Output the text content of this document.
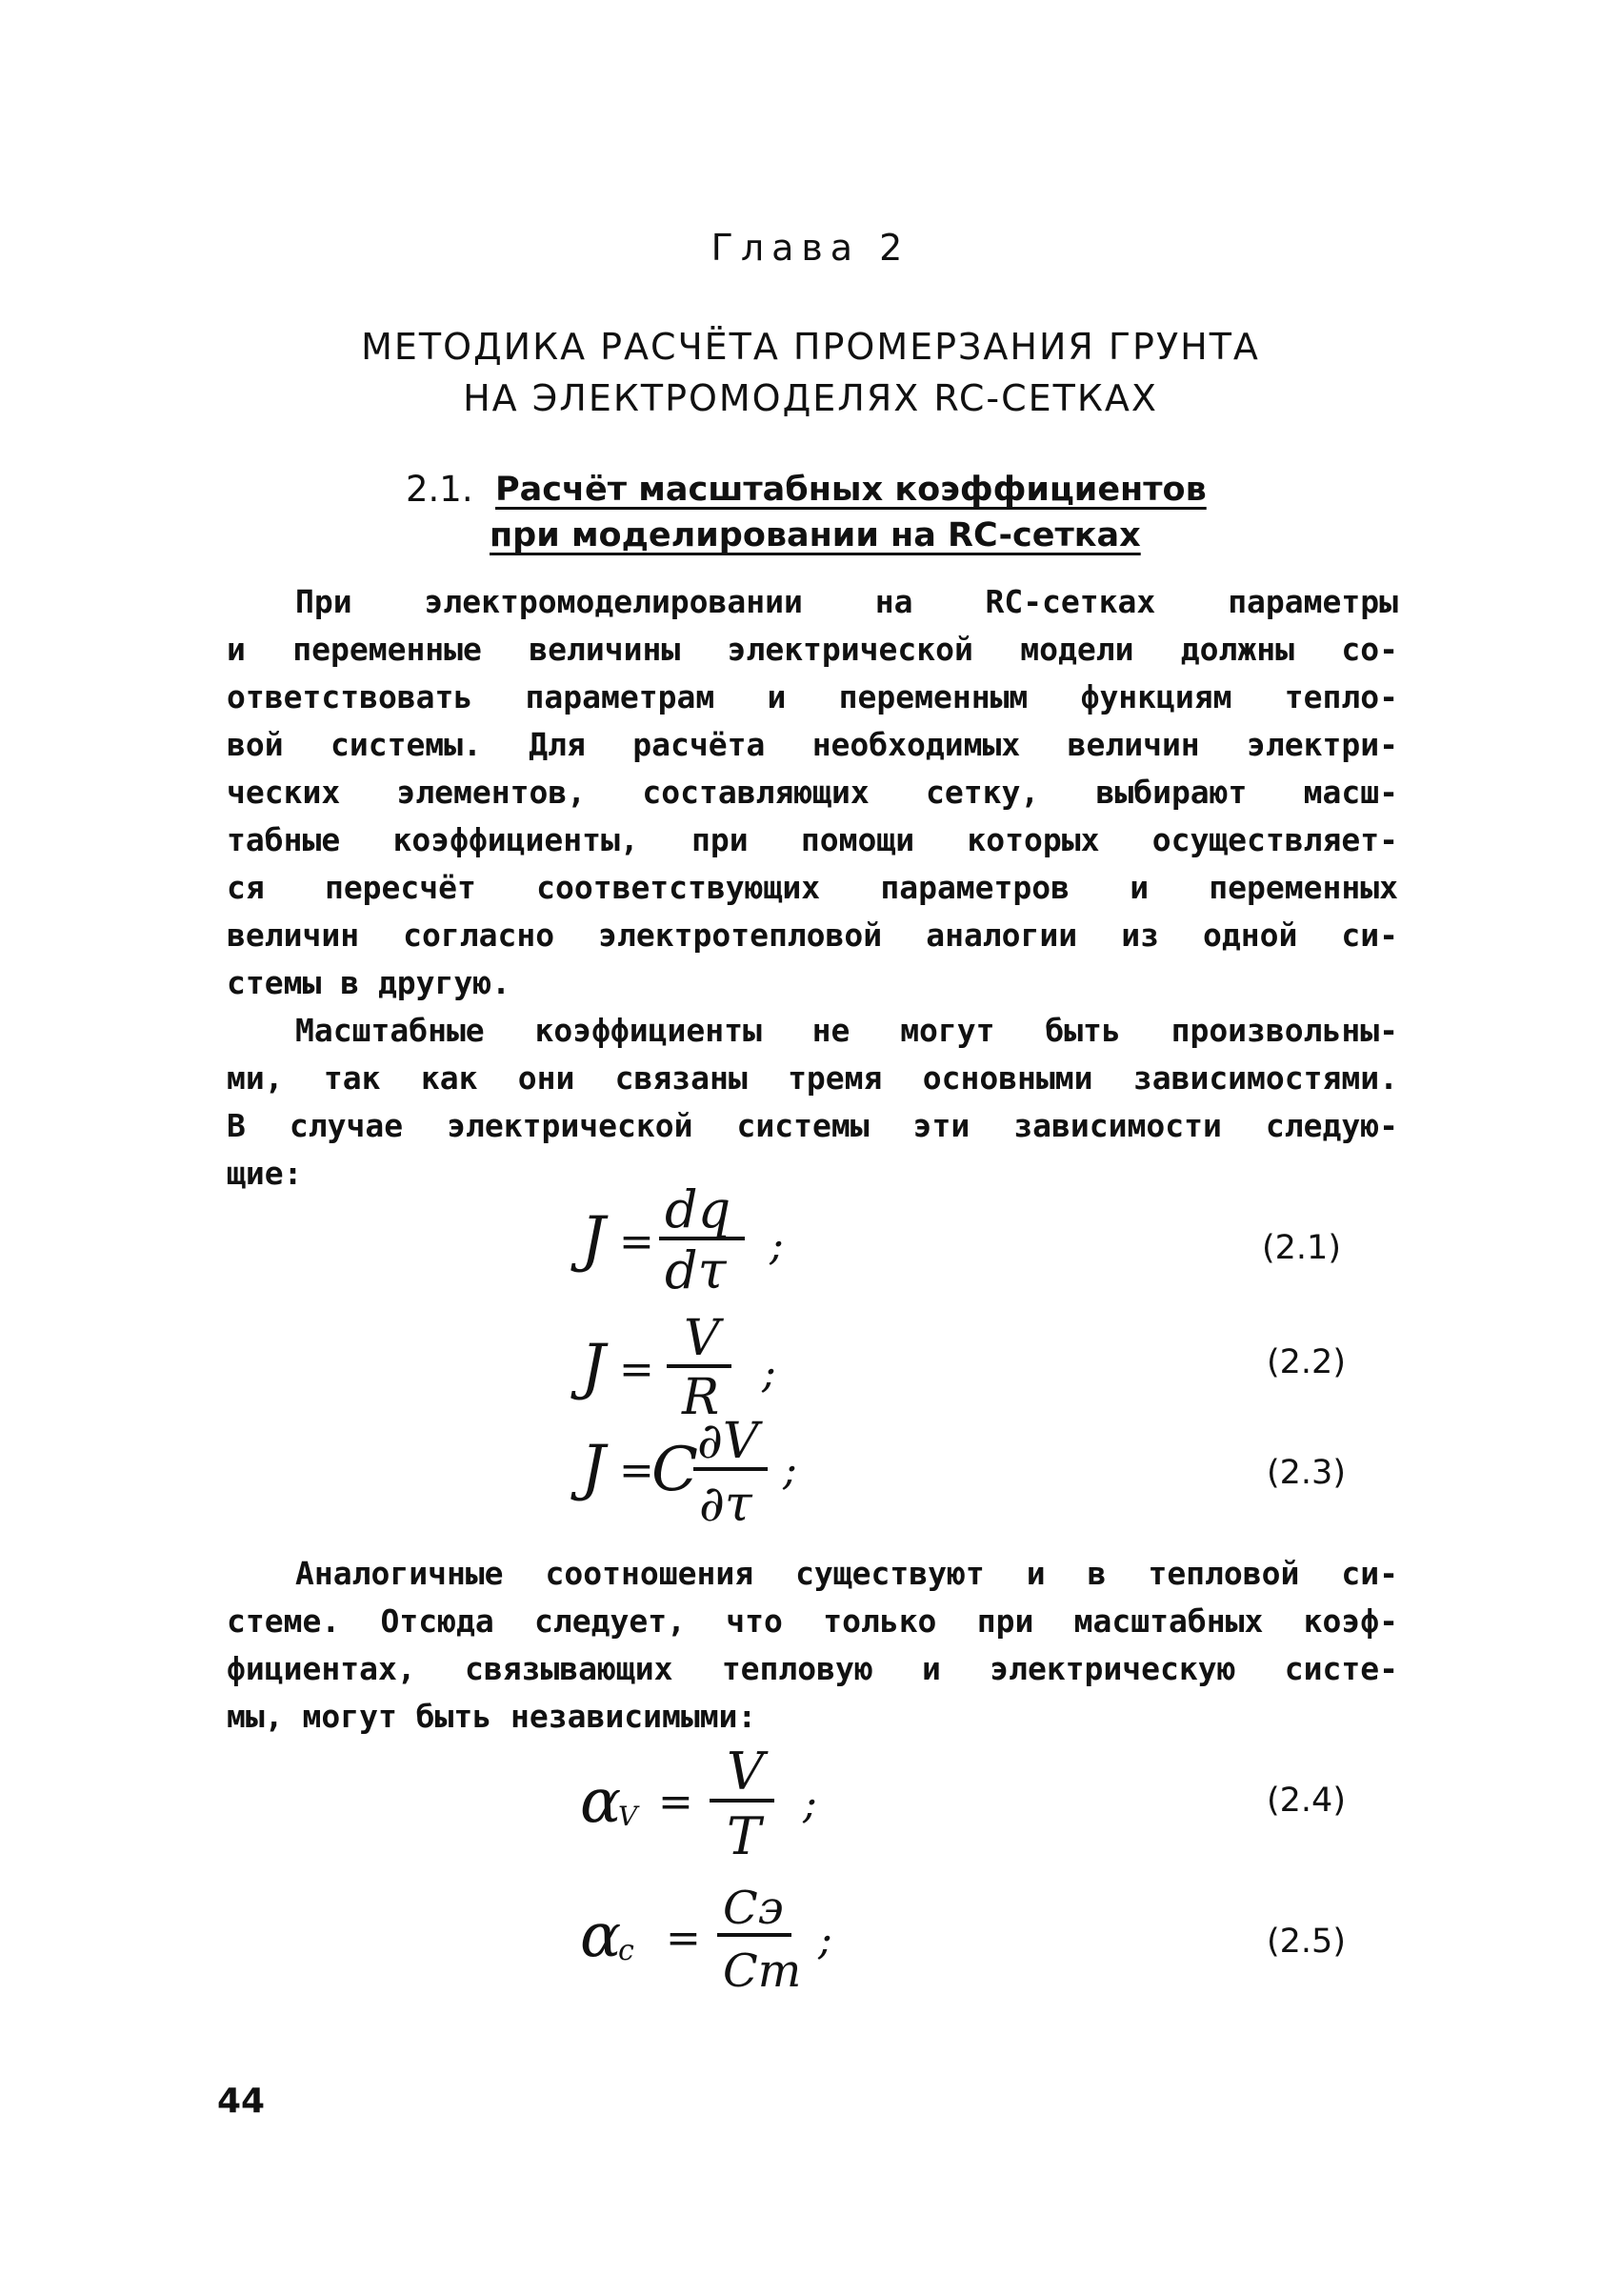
Глава 2
МЕТОДИКА РАСЧЁТА ПРОМЕРЗАНИЯ ГРУНТА
НА ЭЛЕКТРОМОДЕЛЯХ RC-СЕТКАХ
2.1. Расчёт масштабных коэффициентов
при моделировании на RC-сетках
При электромоделировании на RC-сетках параметры
и переменные величины электрической модели должны со-
ответствовать параметрам и переменным функциям тепло-
вой системы. Для расчёта необходимых величин электри-
ческих элементов, составляющих сетку, выбирают масш-
табные коэффициенты, при помощи которых осуществляет-
ся пересчёт соответствующих параметров и переменных
величин согласно электротепловой аналогии из одной си-
стемы в другую.
Масштабные коэффициенты не могут быть произвольны-
ми, так как они связаны тремя основными зависимостями.
В случае электрической системы эти зависимости следую-
щие:
J =
dq
dτ ;	(2.1)
J =
V
R ;	(2.2)
J =
C ∂V
∂τ
;	(2.3)
Аналогичные соотношения существуют и в тепловой си-
стеме. Отсюда следует, что только при масштабных коэф-
фициентах, связывающих тепловую и электрическую систе-
мы, могут быть независимыми:
α
V =
V
T
;	(2.4)
α
c =
Cэ
Cт
;	(2.5)
44
